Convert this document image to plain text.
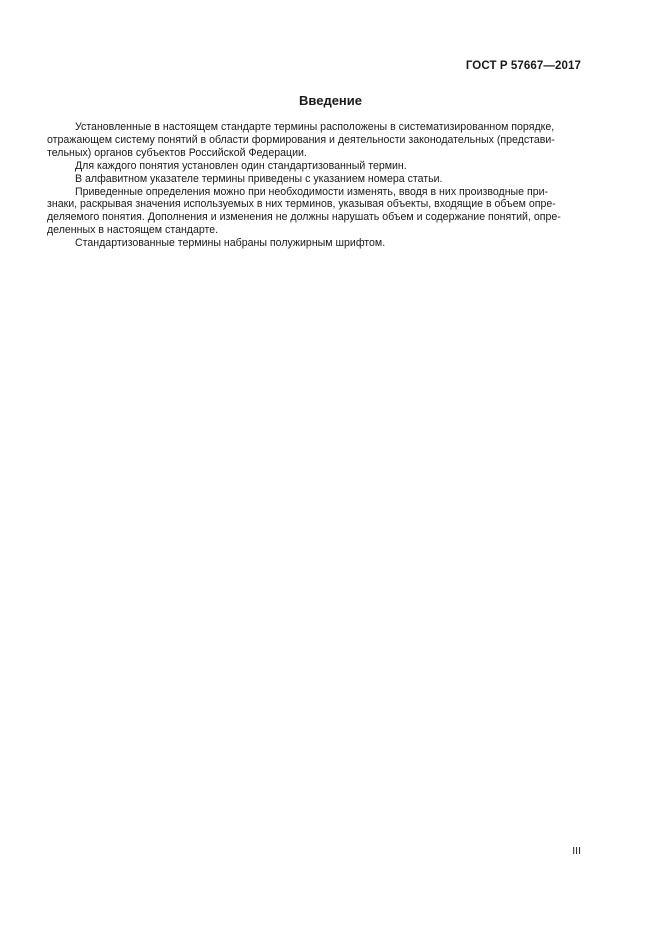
ГОСТ Р 57667—2017
Введение

Установленные в настоящем стандарте термины расположены в систематизированном порядке,
отражающем систему понятий в области формирования и деятельности законодательных (представи-
тельных) органов субъектов Российской Федерации.

Для каждого понятия установлен один стандартизованный термин.

В алфавитном указателе термины приведены с указанием номера статьи.

Приведенные определения можно при необходимости изменять, вводя в них производные при-
знаки, раскрывая значения используемых в них терминов, указывая объекты, входящие в объем опре-
деляемого понятия. Дополнения и изменения не должны нарушать объем и содержание понятий, опре-
деленных в настоящем стандарте.

Стандартизованные термины набраны полужирным шрифтом.

III
